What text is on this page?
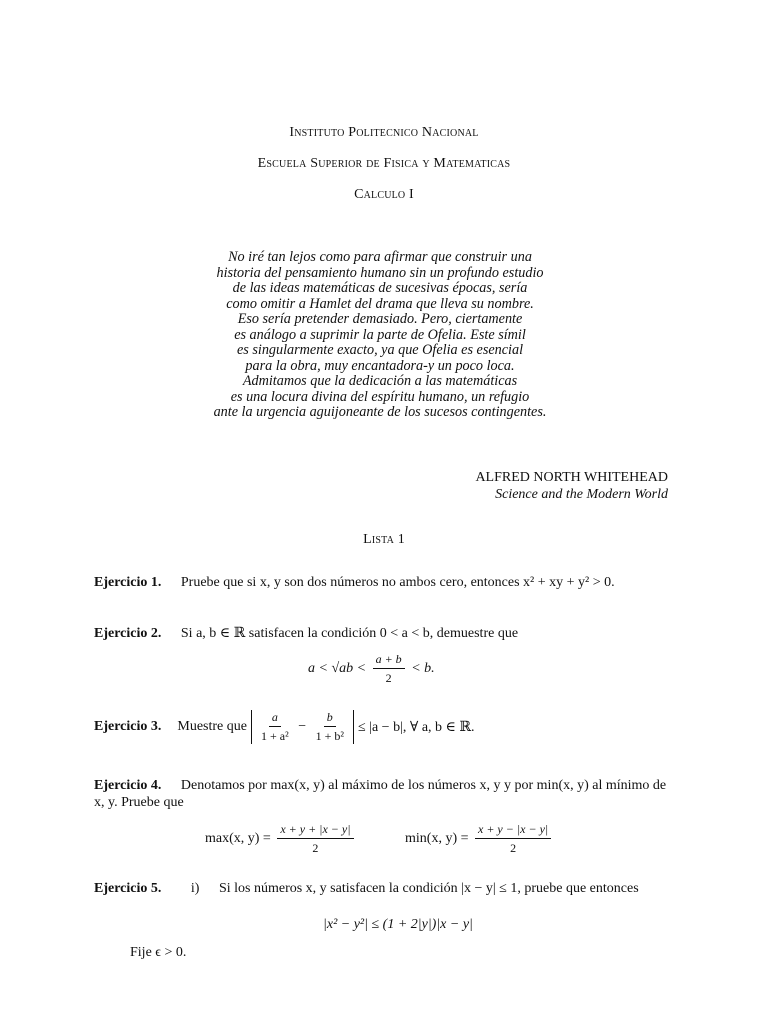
Instituto Politecnico Nacional
Escuela Superior de Fisica y Matematicas
Calculo I
No iré tan lejos como para afirmar que construir una
historia del pensamiento humano sin un profundo estudio
de las ideas matemáticas de sucesivas épocas, sería
como omitir a Hamlet del drama que lleva su nombre.
Eso sería pretender demasiado. Pero, ciertamente
es análogo a suprimir la parte de Ofelia. Este símil
es singularmente exacto, ya que Ofelia es esencial
para la obra, muy encantadora-y un poco loca.
Admitamos que la dedicación a las matemáticas
es una locura divina del espíritu humano, un refugio
ante la urgencia aguijoneante de los sucesos contingentes.
ALFRED NORTH WHITEHEAD
Science and the Modern World
Lista 1
Ejercicio 1. Pruebe que si x, y son dos números no ambos cero, entonces x² + xy + y² > 0.
Ejercicio 2. Si a, b ∈ ℝ satisfacen la condición 0 < a < b, demuestre que
$a < √ab < \frac{a + b}{2} < b$.
Ejercicio 3. Muestre que $\frac{a}{\text{1 + a²}} - \frac{b}{\text{1 + b²}} \le |a - b|$, ∀ a, b ∈ ℝ.
Ejercicio 4. Denotamos por max(x, y) al máximo de los números x, y y por min(x, y) al mínimo de
x, y. Pruebe que
max(x, $y) = \frac{x + y + |x - y|}{2}$	min(x, $y) = \frac{x + y - |x - y|}{2}$
Ejercicio 5. i) Si los números x, y satisfacen la condición |x − y| ≤ 1, pruebe que entonces
|x² − y²| ≤ (1 + 2|y|)|x − y|
Fije ϵ > 0.
